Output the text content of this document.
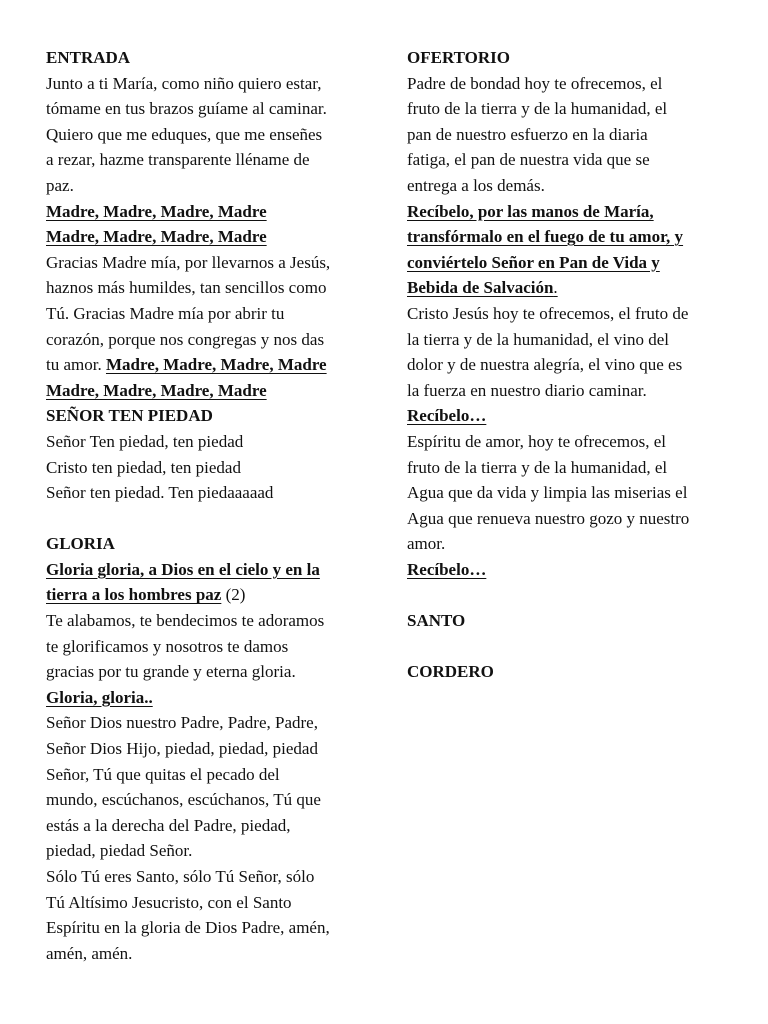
ENTRADA
Junto a ti María, como niño quiero estar,
tómame en tus brazos guíame al caminar.
Quiero que me eduques, que me enseñes
a rezar, hazme transparente lléname de
paz.
Madre, Madre, Madre, Madre
Madre, Madre, Madre, Madre
Gracias Madre mía, por llevarnos a Jesús,
haznos más humildes, tan sencillos como
Tú. Gracias Madre mía por abrir tu
corazón, porque nos congregas y nos das
tu amor. Madre, Madre, Madre, Madre
Madre, Madre, Madre, Madre
SEÑOR TEN PIEDAD
Señor Ten piedad, ten piedad
Cristo ten piedad, ten piedad
Señor ten piedad. Ten piedaaaaad
GLORIA
Gloria gloria, a Dios en el cielo y en la
tierra a los hombres paz (2)
Te alabamos, te bendecimos te adoramos
te glorificamos y nosotros te damos
gracias por tu grande y eterna gloria.
Gloria, gloria..
Señor Dios nuestro Padre, Padre, Padre,
Señor Dios Hijo, piedad, piedad, piedad
Señor, Tú que quitas el pecado del
mundo, escúchanos, escúchanos, Tú que
estás a la derecha del Padre, piedad,
piedad, piedad Señor.
Sólo Tú eres Santo, sólo Tú Señor, sólo
Tú Altísimo Jesucristo, con el Santo
Espíritu en la gloria de Dios Padre, amén,
amén, amén.
OFERTORIO
Padre de bondad hoy te ofrecemos, el
fruto de la tierra y de la humanidad, el
pan de nuestro esfuerzo en la diaria
fatiga, el pan de nuestra vida que se
entrega a los demás.
Recíbelo, por las manos de María,
transfórmalo en el fuego de tu amor, y
conviértelo Señor en Pan de Vida y
Bebida de Salvación.
Cristo Jesús hoy te ofrecemos, el fruto de
la tierra y de la humanidad, el vino del
dolor y de nuestra alegría, el vino que es
la fuerza en nuestro diario caminar.
Recíbelo…
Espíritu de amor, hoy te ofrecemos, el
fruto de la tierra y de la humanidad, el
Agua que da vida y limpia las miserias el
Agua que renueva nuestro gozo y nuestro
amor.
Recíbelo…
SANTO
CORDERO
